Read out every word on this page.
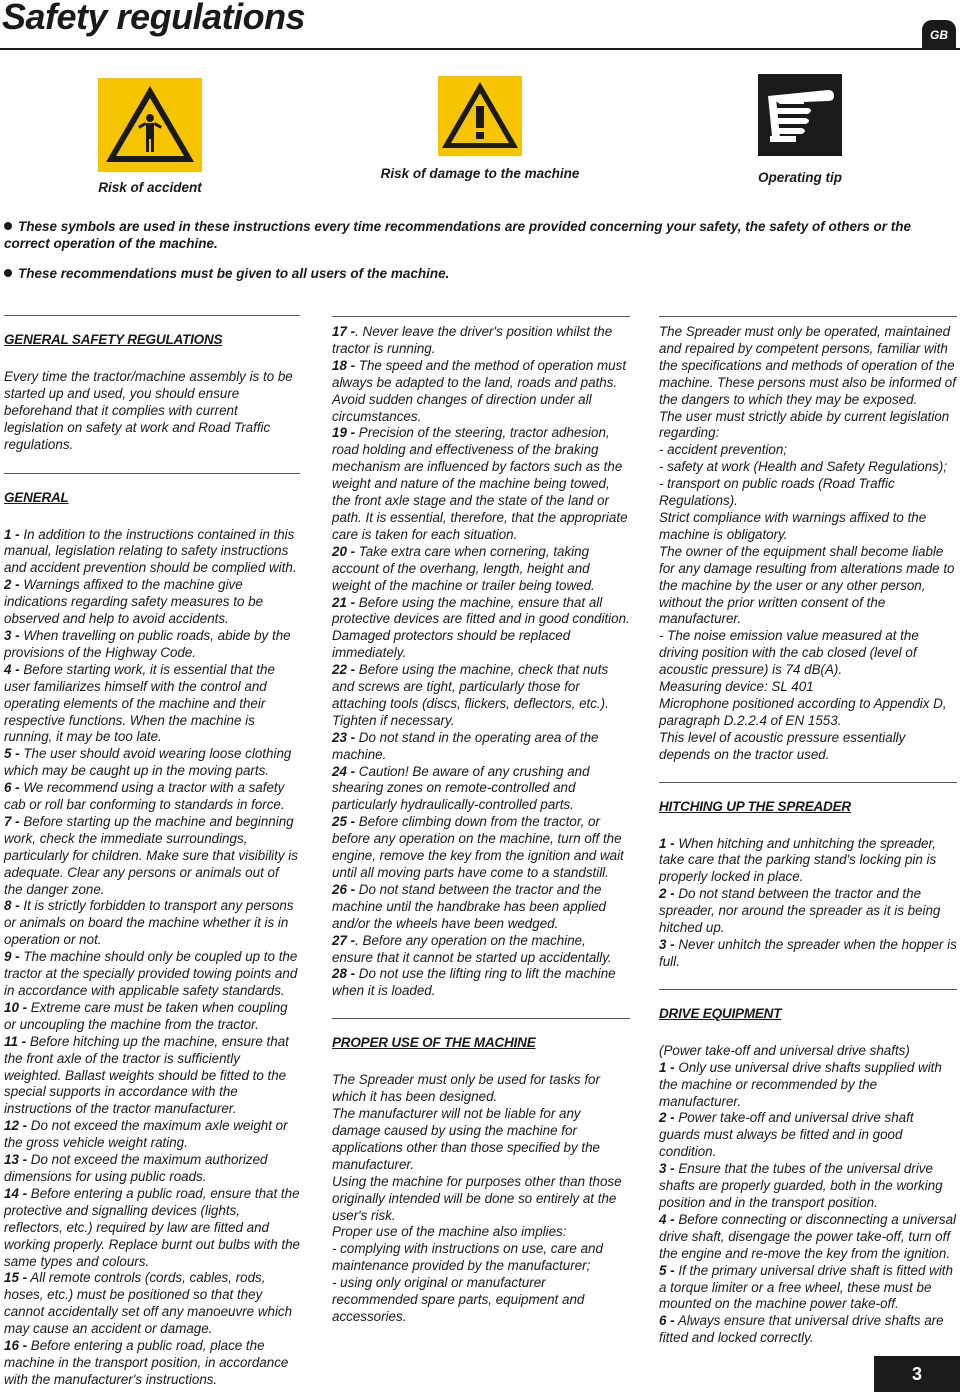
Safety regulations	GB
Risk of accident
Risk of damage to the machine	Operating tip

These symbols are used in these instructions every time recommendations are provided concerning your safety, the safety of others or the correct operation of the machine.

These recommendations must be given to all users of the machine.

GENERAL SAFETY REGULATIONS

Every time the tractor/machine assembly is to be started up and used, you should ensure beforehand that it complies with current legislation on safety at work and Road Traffic regulations.

GENERAL

1 - In addition to the instructions contained in this manual, legislation relating to safety instructions and accident prevention should be complied with.

2 - Warnings affixed to the machine give indications regarding safety measures to be observed and help to avoid accidents.

3 - When travelling on public roads, abide by the provisions of the Highway Code.

4 - Before starting work, it is essential that the user familiarizes himself with the control and operating elements of the machine and their respective functions. When the machine is running, it may be too late.

5 - The user should avoid wearing loose clothing which may be caught up in the moving parts.

6 - We recommend using a tractor with a safety cab or roll bar conforming to standards in force.

7 - Before starting up the machine and beginning work, check the immediate surroundings, particularly for children. Make sure that visibility is adequate. Clear any persons or animals out of the danger zone.

8 - It is strictly forbidden to transport any persons or animals on board the machine whether it is in operation or not.

9 - The machine should only be coupled up to the tractor at the specially provided towing points and in accordance with applicable safety standards.

10 - Extreme care must be taken when coupling or uncoupling the machine from the tractor.

11 - Before hitching up the machine, ensure that the front axle of the tractor is sufficiently weighted. Ballast weights should be fitted to the special supports in accordance with the instructions of the tractor manufacturer.

12 - Do not exceed the maximum axle weight or the gross vehicle weight rating.

13 - Do not exceed the maximum authorized dimensions for using public roads.

14 - Before entering a public road, ensure that the protective and signalling devices (lights, reflectors, etc.) required by law are fitted and working properly. Replace burnt out bulbs with the same types and colours.

15 - All remote controls (cords, cables, rods, hoses, etc.) must be positioned so that they cannot accidentally set off any manoeuvre which may cause an accident or damage.

16 - Before entering a public road, place the machine in the transport position, in accordance with the manufacturer's instructions.

17 -. Never leave the driver's position whilst the tractor is running.

18 - The speed and the method of operation must always be adapted to the land, roads and paths. Avoid sudden changes of direction under all circumstances.

19 - Precision of the steering, tractor adhesion, road holding and effectiveness of the braking mechanism are influenced by factors such as the weight and nature of the machine being towed, the front axle stage and the state of the land or path. It is essential, therefore, that the appropriate care is taken for each situation.

20 - Take extra care when cornering, taking account of the overhang, length, height and weight of the machine or trailer being towed.

21 - Before using the machine, ensure that all protective devices are fitted and in good condition. Damaged protectors should be replaced immediately.

22 - Before using the machine, check that nuts and screws are tight, particularly those for attaching tools (discs, flickers, deflectors, etc.). Tighten if necessary.

23 - Do not stand in the operating area of the machine.

24 - Caution! Be aware of any crushing and shearing zones on remote-controlled and particularly hydraulically-controlled parts.

25 - Before climbing down from the tractor, or before any operation on the machine, turn off the engine, remove the key from the ignition and wait until all moving parts have come to a standstill.

26 - Do not stand between the tractor and the machine until the handbrake has been applied and/or the wheels have been wedged.

27 -. Before any operation on the machine, ensure that it cannot be started up accidentally.

28 - Do not use the lifting ring to lift the machine when it is loaded.

PROPER USE OF THE MACHINE

The Spreader must only be used for tasks for which it has been designed.

The manufacturer will not be liable for any damage caused by using the machine for applications other than those specified by the manufacturer.

Using the machine for purposes other than those originally intended will be done so entirely at the user's risk.

Proper use of the machine also implies:

- complying with instructions on use, care and maintenance provided by the manufacturer;

- using only original or manufacturer recommended spare parts, equipment and accessories.

The Spreader must only be operated, maintained and repaired by competent persons, familiar with the specifications and methods of operation of the machine. These persons must also be informed of the dangers to which they may be exposed.

The user must strictly abide by current legislation regarding:

- accident prevention;

- safety at work (Health and Safety Regulations);

- transport on public roads (Road Traffic Regulations).

Strict compliance with warnings affixed to the machine is obligatory.

The owner of the equipment shall become liable for any damage resulting from alterations made to the machine by the user or any other person, without the prior written consent of the manufacturer.

- The noise emission value measured at the driving position with the cab closed (level of acoustic pressure) is 74 dB(A).

Measuring device: SL 401

Microphone positioned according to Appendix D, paragraph D.2.2.4 of EN 1553.

This level of acoustic pressure essentially depends on the tractor used.

HITCHING UP THE SPREADER

1 - When hitching and unhitching the spreader, take care that the parking stand's locking pin is properly locked in place.

2 - Do not stand between the tractor and the spreader, nor around the spreader as it is being hitched up.

3 - Never unhitch the spreader when the hopper is full.

DRIVE EQUIPMENT

(Power take-off and universal drive shafts)

1 - Only use universal drive shafts supplied with the machine or recommended by the manufacturer.

2 - Power take-off and universal drive shaft guards must always be fitted and in good condition.

3 - Ensure that the tubes of the universal drive shafts are properly guarded, both in the working position and in the transport position.

4 - Before connecting or disconnecting a universal drive shaft, disengage the power take-off, turn off the engine and re-move the key from the ignition.

5 - If the primary universal drive shaft is fitted with a torque limiter or a free wheel, these must be mounted on the machine power take-off.

6 - Always ensure that universal drive shafts are fitted and locked correctly.

3
